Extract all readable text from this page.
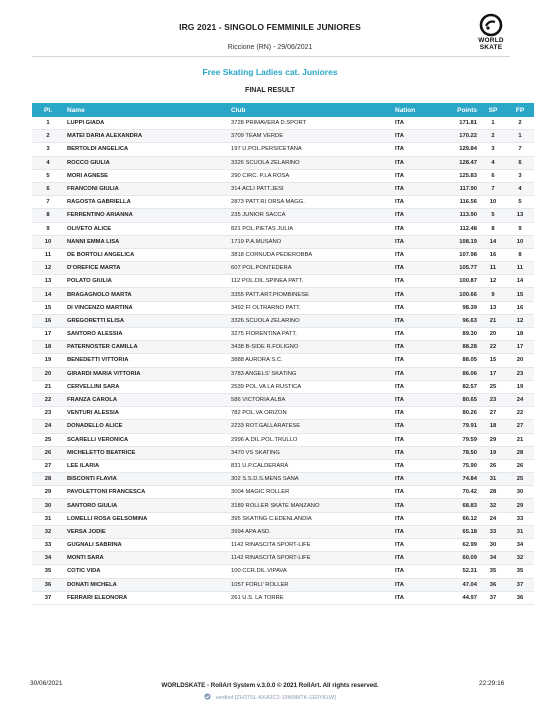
IRG 2021 - SINGOLO FEMMINILE JUNIORES
Riccione (RN) - 29/06/2021
WORLD
SKATE
Free Skating Ladies cat. Juniores
FINAL RESULT
Pl.	Name	Club	Nation	Points	SP	FP
1	LUPPI GIADA	3728 PRIMAVERA D.SPORT	ITA	171.81	1	2
2	MATEI DARIA ALEXANDRA	3709 TEAM VERDE	ITA	170.22	2	1
3	BERTOLDI ANGELICA	197 U.POL.PERSICETANA	ITA	129.84	3	7
4	ROCCO GIULIA	3326 SCUOLA ZELARINO	ITA	128.47	4	6
5	MORI AGNESE	290 CIRC. P.LA ROSA	ITA	125.83	6	3
6	FRANCONI GIULIA	314 ACLI PATT.JESI	ITA	117.90	7	4
7	RAGOSTA GABRIELLA	2873 PATT.RI ORSA MAGG.	ITA	116.56	10	5
8	FERRENTINO ARIANNA	235 JUNIOR SACCA	ITA	113.90	5	13
9	OLIVETO ALICE	821 POL.PIETAS JULIA	ITA	112.48	8	9
10	NANNI EMMA LISA	1719 P.A.MUSANO	ITA	108.19	14	10
11	DE BORTOLI ANGELICA	3818 CORNUDA PEDEROBBA	ITA	107.98	16	8
12	D'OREFICE MARTA	607 POL.PONTEDERA	ITA	105.77	11	11
13	POLATO GIULIA	112 POL.DIL.SPINEA PATT.	ITA	100.87	12	14
14	BRAGAGNOLO MARTA	3355 PATT.ART.PIOMBINESE	ITA	100.66	9	15
15	DI VINCENZO MARTINA	3492 FI OLTRARNO PATT.	ITA	98.39	13	16
16	GREGORETTI ELISA	3326 SCUOLA ZELARINO	ITA	96.63	21	12
17	SANTORO ALESSIA	3275 FIORENTINA PATT.	ITA	89.30	20	18
18	PATERNOSTER CAMILLA	3438 B-SIDE R.FOLIGNO	ITA	88.28	22	17
19	BENEDETTI VITTORIA	3888 AURORA S.C.	ITA	88.05	15	20
20	GIRARDI MARIA VITTORIA	3783 ANGELS' SKATING	ITA	86.06	17	23
21	CERVELLINI SARA	2539 POL.VA LA RUSTICA	ITA	82.57	25	19
22	FRANZA CAROLA	586 VICTORIA ALBA	ITA	80.65	23	24
23	VENTURI ALESSIA	782 POL.VA ORIZON	ITA	80.26	27	22
24	DONADELLO ALICE	2233 ROT.GALLARATESE	ITA	79.91	18	27
25	SCARELLI VERONICA	2996 A.DIL.POL.TRULLO	ITA	79.59	29	21
26	MICHELETTO BEATRICE	3470 VS SKATING	ITA	78.50	19	28
27	LEE ILARIA	831 U.P.CALDERARA	ITA	75.90	26	26
28	BISCONTI FLAVIA	302 S.S.D.S.MENS SANA	ITA	74.84	31	25
29	PAVOLETTONI FRANCESCA	3004 MAGIC ROLLER	ITA	70.42	28	30
30	SANTORO GIULIA	3189 ROLLER SKATE MANZANO	ITA	68.83	32	29
31	LOMELLI ROSA GELSOMINA	395 SKATING C.EDENLANDIA	ITA	66.12	24	33
32	VERSA JODIE	3994 APA ASD.	ITA	65.18	33	31
33	GUGNALI SABRINA	1142 RINASCITA SPORT-LIFE	ITA	62.99	30	34
34	MONTI SARA	1142 RINASCITA SPORT-LIFE	ITA	60.09	34	32
35	COTIC VIDA	100 CCR.DIL.VIPAVA	ITA	52.31	35	35
36	DONATI MICHELA	1057 FORLI' ROLLER	ITA	47.04	36	37
37	FERRARI ELEONORA	261 U.S. LA TORRE	ITA	44.97	37	36
30/06/2021	WORLDSKATE - RollArt System v.3.0.0 © 2021 RollArt. All rights reserved.	22:29:16
verified [ZH37SL-KKA3C2-19W9MTK-1E0YKLW]
